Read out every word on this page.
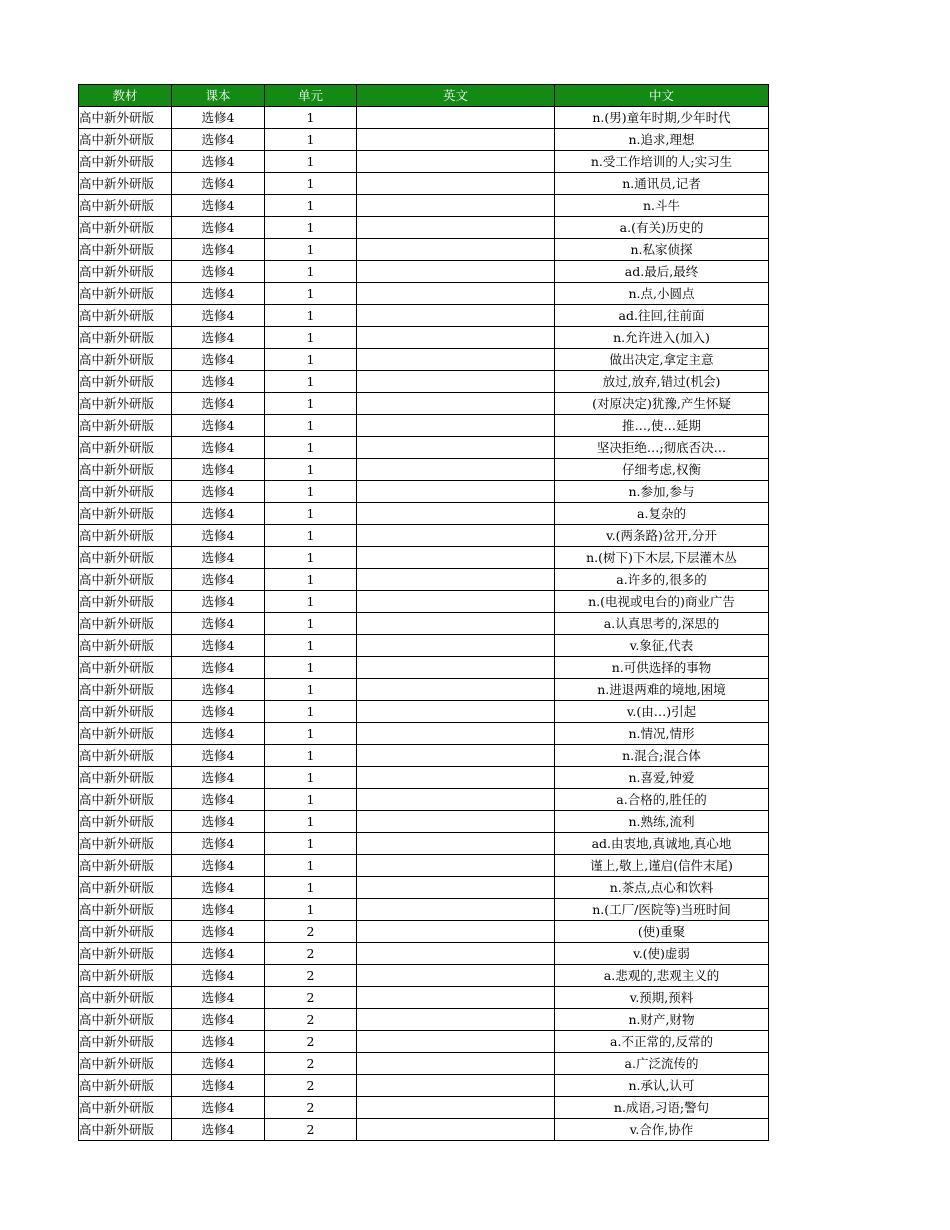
教材	课本	单元	英文	中文
高中新外研版	选修4	1		n.(男)童年时期,少年时代
高中新外研版	选修4	1		n.追求,理想
高中新外研版	选修4	1		n.受工作培训的人;实习生
高中新外研版	选修4	1		n.通讯员,记者
高中新外研版	选修4	1		n.斗牛
高中新外研版	选修4	1		a.(有关)历史的
高中新外研版	选修4	1		n.私家侦探
高中新外研版	选修4	1		ad.最后,最终
高中新外研版	选修4	1		n.点,小圆点
高中新外研版	选修4	1		ad.往回,往前面
高中新外研版	选修4	1		n.允许进入(加入)
高中新外研版	选修4	1		做出决定,拿定主意
高中新外研版	选修4	1		放过,放弃,错过(机会)
高中新外研版	选修4	1		(对原决定)犹豫,产生怀疑
高中新外研版	选修4	1		推…,使…延期
高中新外研版	选修4	1		坚决拒绝…;彻底否决…
高中新外研版	选修4	1		仔细考虑,权衡
高中新外研版	选修4	1		n.参加,参与
高中新外研版	选修4	1		a.复杂的
高中新外研版	选修4	1		v.(两条路)岔开,分开
高中新外研版	选修4	1		n.(树下)下木层,下层灌木丛
高中新外研版	选修4	1		a.许多的,很多的
高中新外研版	选修4	1		n.(电视或电台的)商业广告
高中新外研版	选修4	1		a.认真思考的,深思的
高中新外研版	选修4	1		v.象征,代表
高中新外研版	选修4	1		n.可供选择的事物
高中新外研版	选修4	1		n.进退两难的境地,困境
高中新外研版	选修4	1		v.(由…)引起
高中新外研版	选修4	1		n.情况,情形
高中新外研版	选修4	1		n.混合;混合体
高中新外研版	选修4	1		n.喜爱,钟爱
高中新外研版	选修4	1		a.合格的,胜任的
高中新外研版	选修4	1		n.熟练,流利
高中新外研版	选修4	1		ad.由衷地,真诚地,真心地
高中新外研版	选修4	1		谨上,敬上,谨启(信件末尾)
高中新外研版	选修4	1		n.茶点,点心和饮料
高中新外研版	选修4	1		n.(工厂/医院等)当班时间
高中新外研版	选修4	2		(使)重聚
高中新外研版	选修4	2		v.(使)虚弱
高中新外研版	选修4	2		a.悲观的,悲观主义的
高中新外研版	选修4	2		v.预期,预料
高中新外研版	选修4	2		n.财产,财物
高中新外研版	选修4	2		a.不正常的,反常的
高中新外研版	选修4	2		a.广泛流传的
高中新外研版	选修4	2		n.承认,认可
高中新外研版	选修4	2		n.成语,习语;警句
高中新外研版	选修4	2		v.合作,协作
